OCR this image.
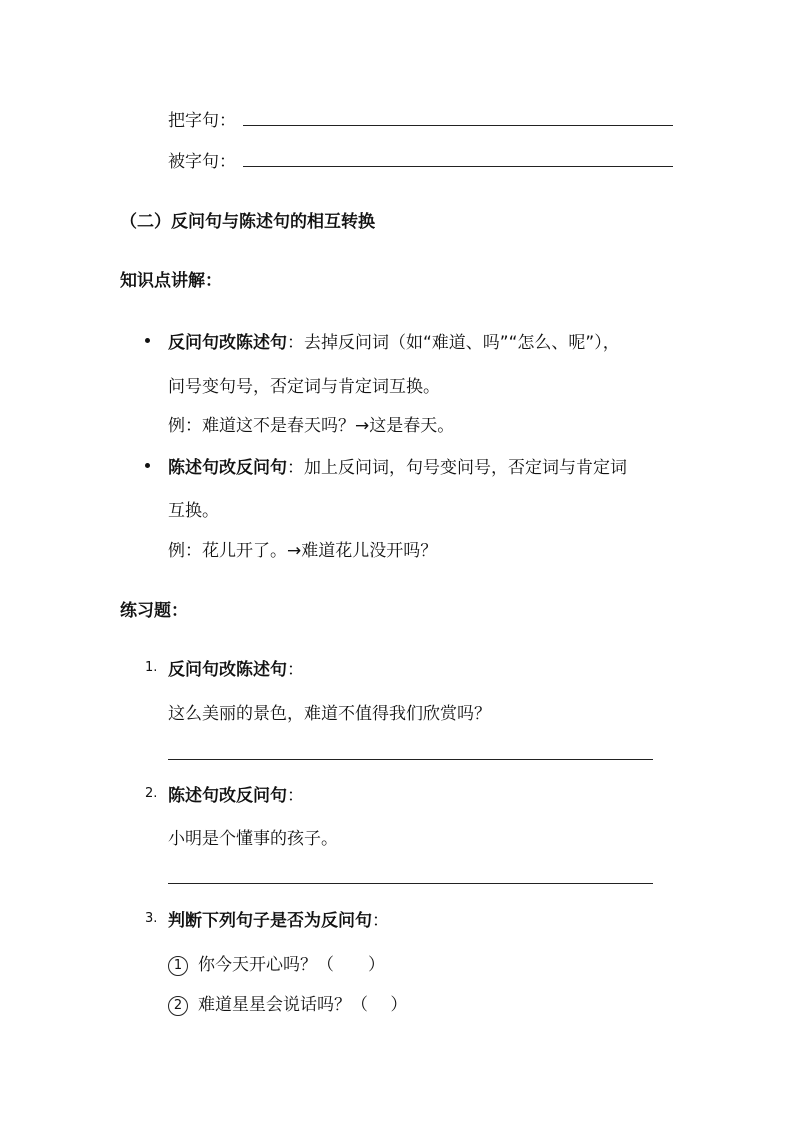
把字句：
被字句：
（二）反问句与陈述句的相互转换
知识点讲解：
反问句改陈述句：去掉反问词（如“难道、吗”“怎么、呢”），
问号变句号，否定词与肯定词互换。
例：难道这不是春天吗？→这是春天。
陈述句改反问句：加上反问词，句号变问号，否定词与肯定词
互换。
例：花儿开了。→难道花儿没开吗？
练习题：
1. 反问句改陈述句：
这么美丽的景色，难道不值得我们欣赏吗？
2. 陈述句改反问句：
小明是个懂事的孩子。
3. 判断下列句子是否为反问句：
1 你今天开心吗？（　　）
2 难道星星会说话吗？（　 ）
